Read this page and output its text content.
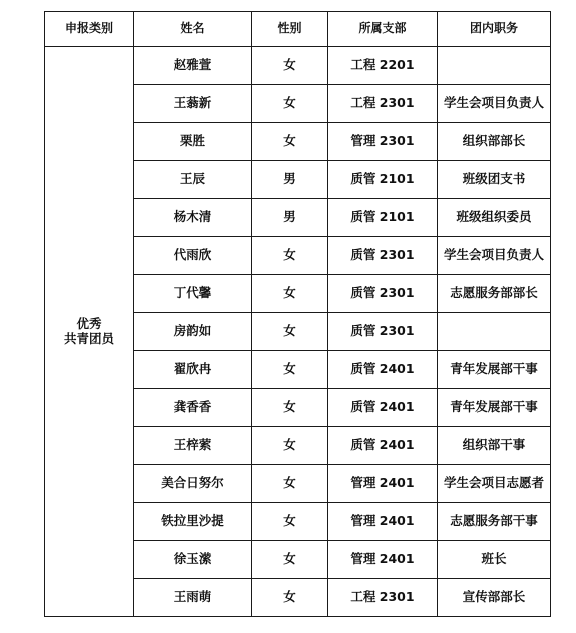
申报类别	姓名	性别	所属支部	团内职务

优秀
共青团员	赵雅萱	女	工程 2201	
	王蓊新	女	工程 2301	学生会项目负责人
	栗胜	女	管理 2301	组织部部长
	王辰	男	质管 2101	班级团支书
	杨木清	男	质管 2101	班级组织委员
	代雨欣	女	质管 2301	学生会项目负责人
	丁代馨	女	质管 2301	志愿服务部部长
	房韵如	女	质管 2301	
	翟欣冉	女	质管 2401	青年发展部干事
	龚香香	女	质管 2401	青年发展部干事
	王梓萦	女	质管 2401	组织部干事
	美合日努尔	女	管理 2401	学生会项目志愿者
	铁拉里沙提	女	管理 2401	志愿服务部干事
	徐玉潆	女	管理 2401	班长
	王雨萌	女	工程 2301	宣传部部长
